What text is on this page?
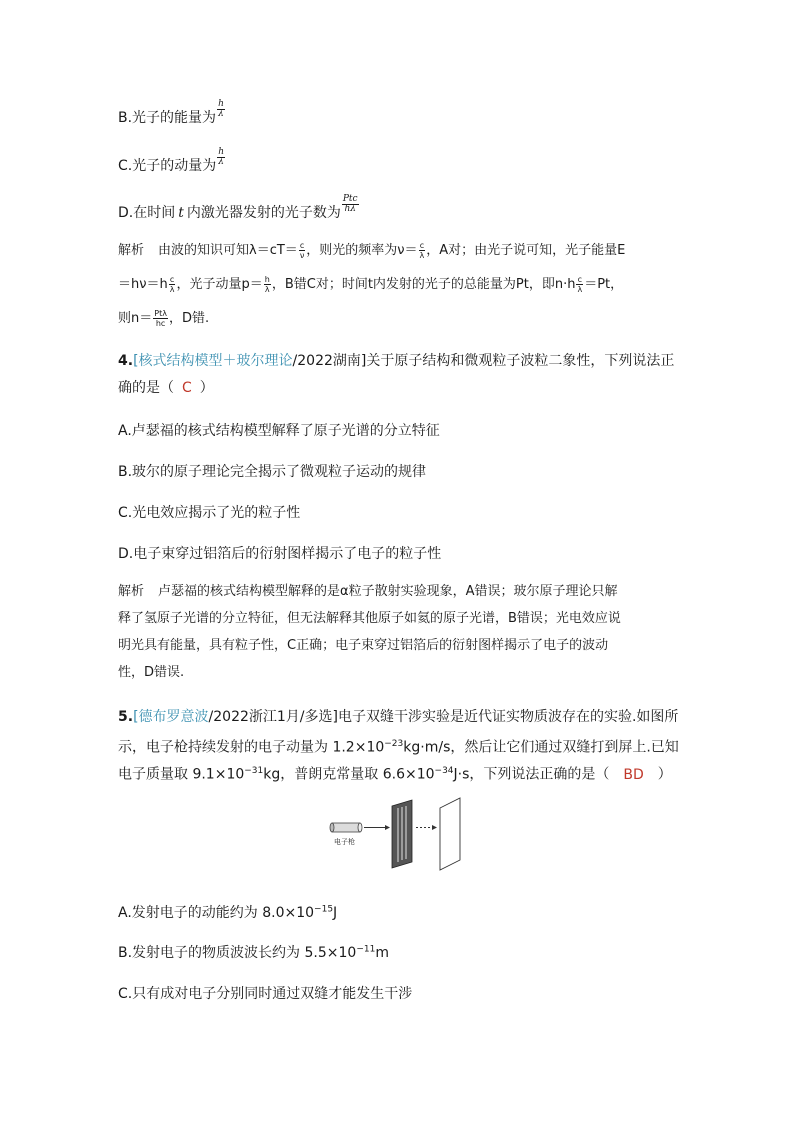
B.光子的能量为 $\frac{h}{\lambda}$
C.光子的动量为 $\frac{h}{\lambda}$
D.在时间 t 内激光器发射的光子数为 $\frac{\text{Ptc}}{h\lambda}$
解析 由波的知识可知$\lambda=cT= \frac{c}{\nu}$ ，则光的频率为$\nu= \frac{c}{\lambda}$ ，A对；由光子说可知，光子能量E
$=h\nu=h \frac{c}{\lambda}$ ，光子动量$p= \frac{h}{\lambda}$ ，B错C对；时间t内发射的光子的总能量为Pt，即$n\cdot h \frac{c}{\lambda} =Pt$，
则$n= \frac{\text{Ptλ}}{hc}$ ，D错.
4.[核式结构模型＋玻尔理论/2022湖南]关于原子结构和微观粒子波粒二象性，下列说法正
确的是（ C ）
A.卢瑟福的核式结构模型解释了原子光谱的分立特征
B.玻尔的原子理论完全揭示了微观粒子运动的规律
C.光电效应揭示了光的粒子性
D.电子束穿过铝箔后的衍射图样揭示了电子的粒子性
解析 卢瑟福的核式结构模型解释的是α粒子散射实验现象，A错误；玻尔原子理论只解
释了氢原子光谱的分立特征，但无法解释其他原子如氦的原子光谱，B错误；光电效应说
明光具有能量，具有粒子性，C正确；电子束穿过铝箔后的衍射图样揭示了电子的波动
性，D错误.
5.[德布罗意波/2022浙江1月/多选]电子双缝干涉实验是近代证实物质波存在的实验.如图所
示，电子枪持续发射的电子动量为 $1.2\times 10^{-23}kg\cdot m/s$，然后让它们通过双缝打到屏上.已知
电子质量取 $9.1\times 10^{-31}kg$，普朗克常量取 $6.6\times 10^{-34}J\cdot s$，下列说法正确的是（ BD ）
电子枪
A.发射电子的动能约为 $8.0\times 10^{-15}J$
B.发射电子的物质波波长约为 $5.5\times 10^{-11}m$
C.只有成对电子分别同时通过双缝才能发生干涉
